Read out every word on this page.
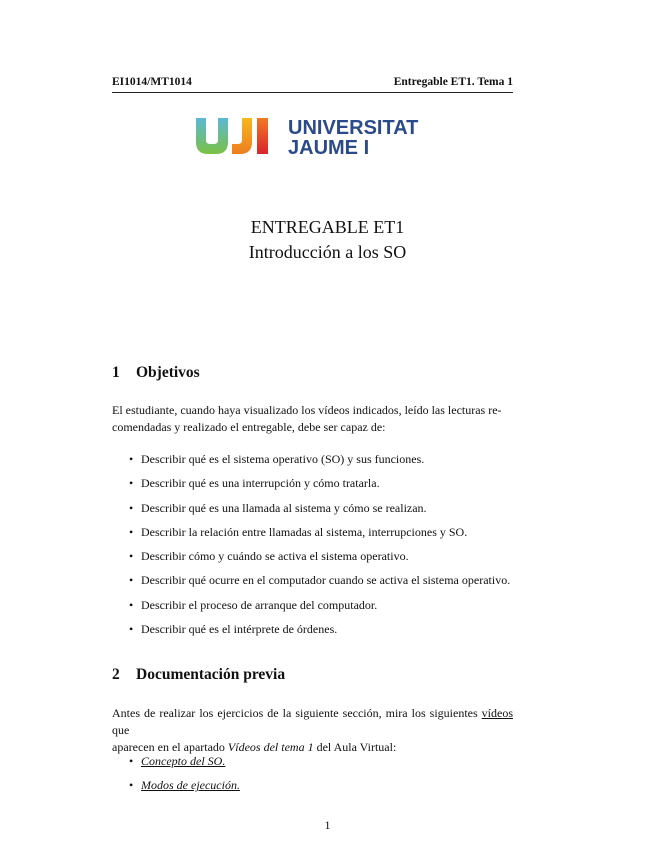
EI1014/MT1014	Entregable ET1. Tema 1
UNIVERSITAT
JAUME I
ENTREGABLE ET1
Introducción a los SO
1 Objetivos
El estudiante, cuando haya visualizado los vídeos indicados, leído las lecturas re-
comendadas y realizado el entregable, debe ser capaz de:
• Describir qué es el sistema operativo (SO) y sus funciones.
• Describir qué es una interrupción y cómo tratarla.
• Describir qué es una llamada al sistema y cómo se realizan.
• Describir la relación entre llamadas al sistema, interrupciones y SO.
• Describir cómo y cuándo se activa el sistema operativo.
• Describir qué ocurre en el computador cuando se activa el sistema operativo.
• Describir el proceso de arranque del computador.
• Describir qué es el intérprete de órdenes.
2 Documentación previa
Antes de realizar los ejercicios de la siguiente sección, mira los siguientes vídeos que
aparecen en el apartado Vídeos del tema 1 del Aula Virtual:
• Concepto del SO.
• Modos de ejecución.
1
